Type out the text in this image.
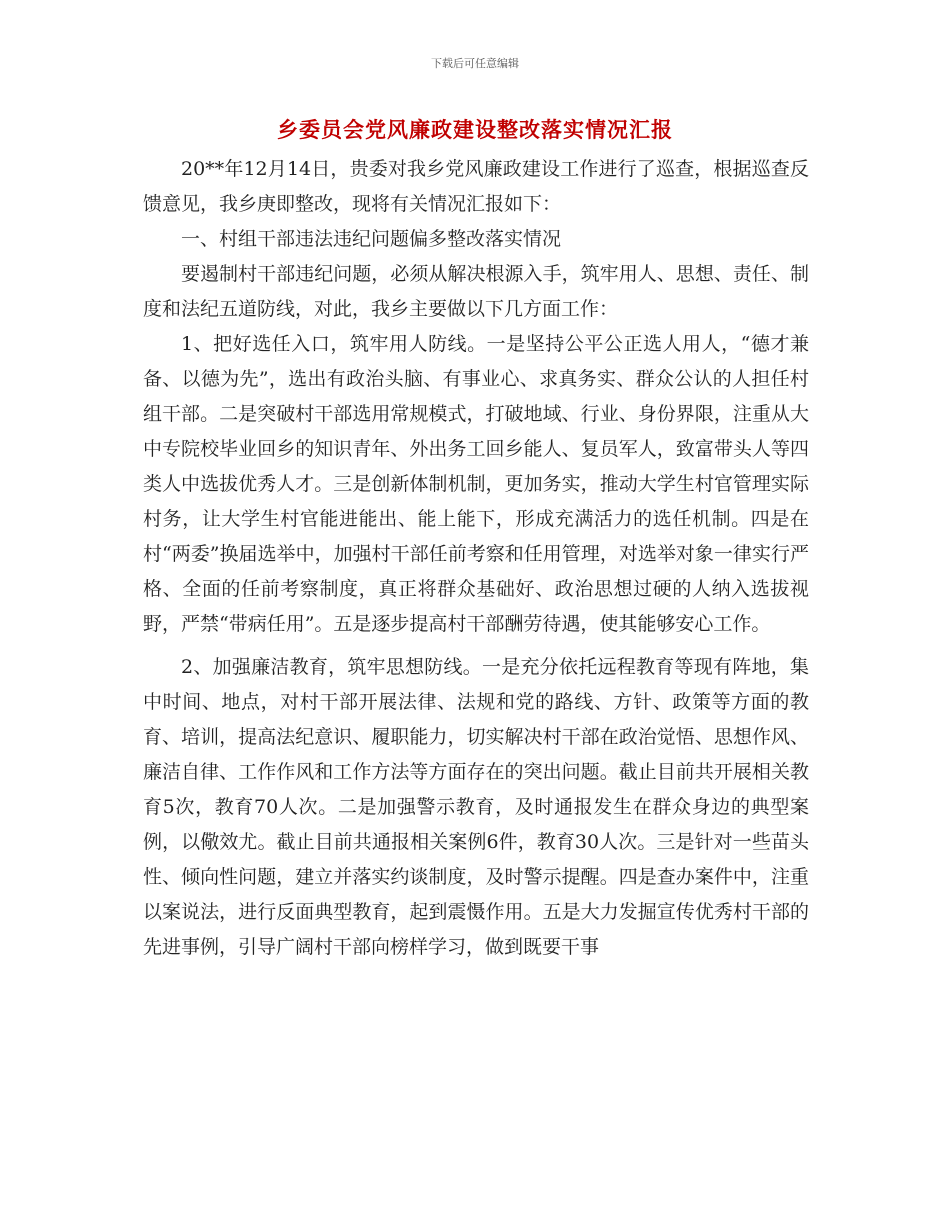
下载后可任意编辑
乡委员会党风廉政建设整改落实情况汇报

20**年12月14日，贵委对我乡党风廉政建设工作进行了巡查，根据巡查反馈意见，我乡庚即整改，现将有关情况汇报如下：

一、村组干部违法违纪问题偏多整改落实情况

要遏制村干部违纪问题，必须从解决根源入手，筑牢用人、思想、责任、制度和法纪五道防线，对此，我乡主要做以下几方面工作：

1、把好选任入口，筑牢用人防线。一是坚持公平公正选人用人，“德才兼备、以德为先”，选出有政治头脑、有事业心、求真务实、群众公认的人担任村组干部。二是突破村干部选用常规模式，打破地域、行业、身份界限，注重从大中专院校毕业回乡的知识青年、外出务工回乡能人、复员军人，致富带头人等四类人中选拔优秀人才。三是创新体制机制，更加务实，推动大学生村官管理实际村务，让大学生村官能进能出、能上能下，形成充满活力的选任机制。四是在村“两委”换届选举中，加强村干部任前考察和任用管理，对选举对象一律实行严格、全面的任前考察制度，真正将群众基础好、政治思想过硬的人纳入选拔视野，严禁“带病任用”。五是逐步提高村干部酬劳待遇，使其能够安心工作。

2、加强廉洁教育，筑牢思想防线。一是充分依托远程教育等现有阵地，集中时间、地点，对村干部开展法律、法规和党的路线、方针、政策等方面的教育、培训，提高法纪意识、履职能力，切实解决村干部在政治觉悟、思想作风、廉洁自律、工作作风和工作方法等方面存在的突出问题。截止目前共开展相关教育5次，教育70人次。二是加强警示教育，及时通报发生在群众身边的典型案例，以儆效尤。截止目前共通报相关案例6件，教育30人次。三是针对一些苗头性、倾向性问题，建立并落实约谈制度，及时警示提醒。四是查办案件中，注重以案说法，进行反面典型教育，起到震慑作用。五是大力发掘宣传优秀村干部的先进事例，引导广阔村干部向榜样学习，做到既要干事
